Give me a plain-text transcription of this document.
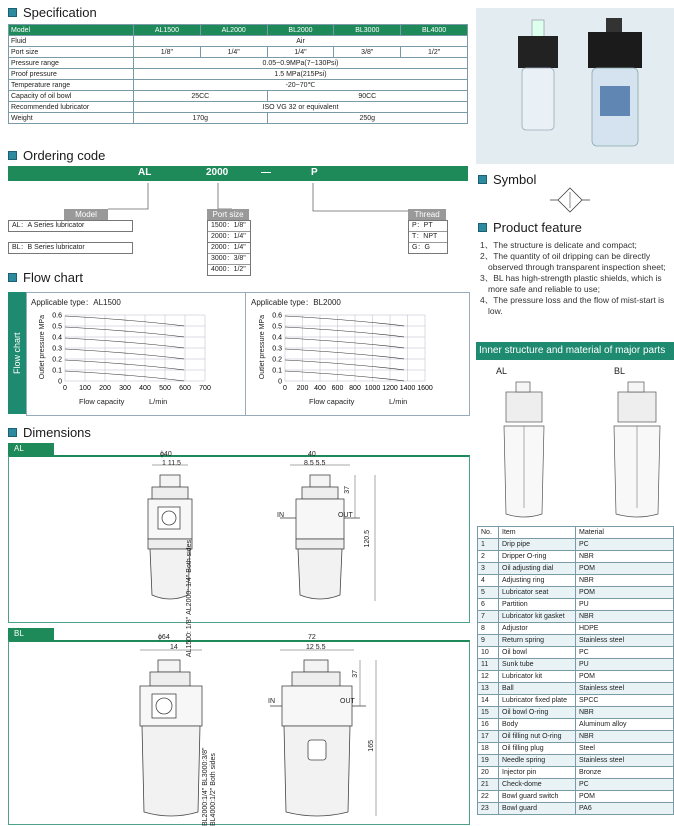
Specification
Model	AL1500	AL2000	BL2000	BL3000	BL4000
Fluid	Air				
Port size	1/8"	1/4"	1/4"	3/8"	1/2"
Pressure range	0.05~0.9MPa(7~130Psi)				
Proof pressure	1.5 MPa(215Psi)				
Temperature range	-20~70℃				
Capacity of oil bowl	25CC		90CC		
Recommended lubricator	ISO VG 32 or equivalent				
Weight	170g		250g		
Ordering code
AL	2000	—	P
Model
AL：A Series lubricator
BL：B Series lubricator
Port size
1500：1/8"
2000：1/4"
2000：1/4"
3000：3/8"
4000：1/2"
Thread
P：PT
T：NPT
G：G
Flow chart
Flow chart
Applicable type：AL1500	Applicable type：BL2000
0.6
0.5
0.4
0.3
0.2
0.1
0
0 100 200 300 400 500 600 700
0.6
0.5
0.4
0.3
0.2
0.1
0
0 200 400 600 800 1000 1200 1400 1600
Outlet pressure MPa	Outlet pressure MPa
Flow capacity	L/min	Flow capacity	L/min
Dimensions
AL
BL
ϕ40
1 11.5
40
8.5 5.5
37
120.5
IN	OUT
AL1500: 1/8" AL2000: 1/4" Both sides
ϕ64
14
72
12 5.5
37
165
IN	OUT
BL2000:1/4" BL3000:3/8" BL4000:1/2" Both sides
Symbol
Product feature
1、The structure is delicate and compact;
2、The quantity of oil dripping can be directly observed through transparent inspection sheet;
3、BL has high-strength plastic shields, which is more safe and reliable to use;
4、The pressure loss and the flow of mist-start is low.
Inner structure and material of major parts
AL	BL
No.	Item	Material
1	Drip pipe	PC
2	Dripper O-ring	NBR
3	Oil adjusting dial	POM
4	Adjusting ring	NBR
5	Lubricator seat	POM
6	Partition	PU
7	Lubricator kit gasket	NBR
8	Adjustor	HDPE
9	Return spring	Stainless steel
10	Oil bowl	PC
11	Sunk tube	PU
12	Lubricator kit	POM
13	Ball	Stainless steel
14	Lubricator fixed plate	SPCC
15	Oil bowl O-ring	NBR
16	Body	Aluminum alloy
17	Oil filling nut O-ring	NBR
18	Oil filling plug	Steel
19	Needle spring	Stainless steel
20	Injector pin	Bronze
21	Check-dome	PC
22	Bowl guard switch	POM
23	Bowl guard	PA6
